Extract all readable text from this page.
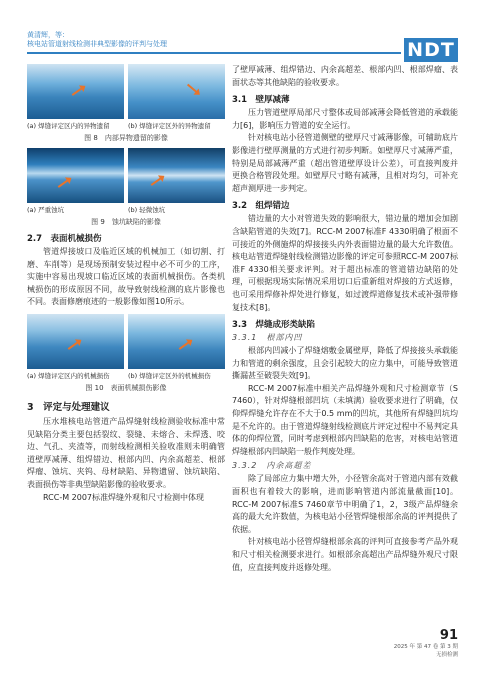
黄清辉，等：
核电站管道射线检测非典型影像的评判与处理	NDT
(a) 焊缝评定区内的异物遗留	(b) 焊缝评定区外的异物遗留
图 8　内部异物遗留的影像
(a) 严重蚀坑	(b) 轻微蚀坑
图 9　蚀坑缺陷的影像
2.7　表面机械损伤

管道焊接坡口及临近区域的机械加工（如切割、打磨、车削等）是现场预制安装过程中必不可少的工序，实施中容易出现坡口临近区域的表面机械损伤。各类机械损伤的形成原因不同，故导致射线检测的底片影像也不同。表面修磨痕迹的一般影像如图10所示。

(a) 焊缝评定区内的机械损伤	(b) 焊缝评定区外的机械损伤
图 10　表面机械损伤影像
3　评定与处理建议

压水堆核电站管道产品焊缝射线检测验收标准中常见缺陷分类主要包括裂纹、裂缝、未熔合、未焊透、咬边、气孔、夹渣等，而射线检测相关验收准则未明确管道壁厚减薄、组焊错边、根部内凹、内余高超差、根部焊瘤、蚀坑、夹钨、母材缺陷、异物遗留、蚀坑缺陷、表面损伤等非典型缺陷影像的验收要求。

RCC-M 2007标准焊缝外观和尺寸检测中体现

了壁厚减薄、组焊错边、内余高超差、根部内凹、根部焊瘤、表面状态等其他缺陷的验收要求。

3.1　壁厚减薄

压力管道壁厚局部尺寸整体或局部减薄会降低管道的承载能力[6]，影响压力管道的安全运行。

针对核电站小径管道侧壁的壁厚尺寸减薄影像，可辅助底片影像进行壁厚测量的方式进行初步判断。如壁厚尺寸减薄严重，特别是局部减薄严重（超出管道壁厚设计公差），可直接判废并更换合格管段处理。如壁厚尺寸略有减薄，且相对均匀，可补充超声测厚进一步判定。

3.2　组焊错边

错边量的大小对管道失效的影响很大，错边量的增加会加剧含缺陷管道的失效[7]。RCC-M 2007标准F 4330明确了根面不可接近的外侧施焊的焊接接头内外表面错边量的最大允许数值。核电站管道焊缝射线检测错边影像的评定可参照RCC-M 2007标准F 4330相关要求评判。对于超出标准的管道错边缺陷的处理，可根据现场实际情况采用切口后重新组对焊接的方式返修，也可采用焊修补焊处进行修复，如过渡焊道修复技术或补强带修复技术[8]。

3.3　焊缝成形类缺陷
3.3.1　根部内凹

根部内凹减小了焊缝熔敷金属壁厚，降低了焊接接头承载能力和管道的剩余强度，且会引起较大的应力集中，可能导致管道撕漏甚至破裂失效[9]。

RCC-M 2007标准中相关产品焊缝外观和尺寸检测章节（S 7460），针对焊缝根部凹坑（未填满）验收要求进行了明确，仅仰焊焊缝允许存在不大于0.5 mm的凹坑，其他所有焊缝凹坑均是不允许的。由于管道焊缝射线检测底片评定过程中不易判定具体的仰焊位置，同时考虑到根部内凹缺陷的危害，对核电站管道焊缝根部内凹缺陷一般作判废处理。

3.3.2　内余高超差

除了局部应力集中增大外，小径管余高对于管道内部有效截面积也有着较大的影响，进而影响管道内部流量截面[10]。RCC-M 2007标准S 7460章节中明确了1，2，3级产品焊缝余高的最大允许数值，为核电站小径管焊缝根部余高的评判提供了依据。

针对核电站小径管焊缝根部余高的评判可直接参考产品外观和尺寸相关检测要求进行。如根部余高超出产品焊缝外观尺寸限值，应直接判废并返修处理。

91
2025 年 第 47 卷 第 3 期
无损检测
